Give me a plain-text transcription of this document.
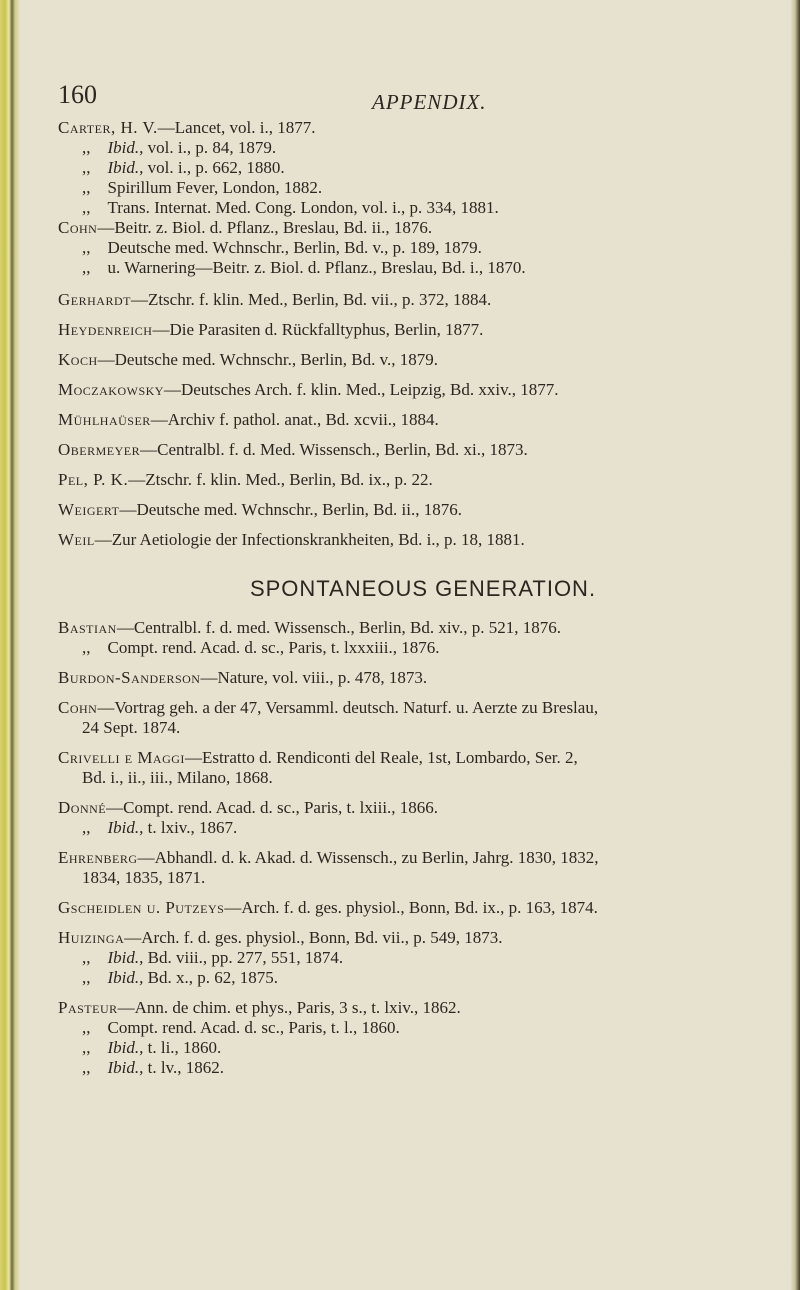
160	APPENDIX.
Carter, H. V.—Lancet, vol. i., 1877.
,,  Ibid., vol. i., p. 84, 1879.
,,  Ibid., vol. i., p. 662, 1880.
,,  Spirillum Fever, London, 1882.
,,  Trans. Internat. Med. Cong. London, vol. i., p. 334, 1881.
Cohn—Beitr. z. Biol. d. Pflanz., Breslau, Bd. ii., 1876.
,,  Deutsche med. Wchnschr., Berlin, Bd. v., p. 189, 1879.
,,  u. Warnering—Beitr. z. Biol. d. Pflanz., Breslau, Bd. i., 1870.
Gerhardt—Ztschr. f. klin. Med., Berlin, Bd. vii., p. 372, 1884.
Heydenreich—Die Parasiten d. Rückfalltyphus, Berlin, 1877.
Koch—Deutsche med. Wchnschr., Berlin, Bd. v., 1879.
Moczakowsky—Deutsches Arch. f. klin. Med., Leipzig, Bd. xxiv., 1877.
Mühlhaüser—Archiv f. pathol. anat., Bd. xcvii., 1884.
Obermeyer—Centralbl. f. d. Med. Wissensch., Berlin, Bd. xi., 1873.
Pel, P. K.—Ztschr. f. klin. Med., Berlin, Bd. ix., p. 22.
Weigert—Deutsche med. Wchnschr., Berlin, Bd. ii., 1876.
Weil—Zur Aetiologie der Infectionskrankheiten, Bd. i., p. 18, 1881.
SPONTANEOUS GENERATION.
Bastian—Centralbl. f. d. med. Wissensch., Berlin, Bd. xiv., p. 521, 1876.
,,  Compt. rend. Acad. d. sc., Paris, t. lxxxiii., 1876.
Burdon-Sanderson—Nature, vol. viii., p. 478, 1873.
Cohn—Vortrag geh. a der 47, Versamml. deutsch. Naturf. u. Aerzte zu Breslau,
24 Sept. 1874.
Crivelli e Maggi—Estratto d. Rendiconti del Reale, 1st, Lombardo, Ser. 2,
Bd. i., ii., iii., Milano, 1868.
Donné—Compt. rend. Acad. d. sc., Paris, t. lxiii., 1866.
,,  Ibid., t. lxiv., 1867.
Ehrenberg—Abhandl. d. k. Akad. d. Wissensch., zu Berlin, Jahrg. 1830, 1832,
1834, 1835, 1871.
Gscheidlen u. Putzeys—Arch. f. d. ges. physiol., Bonn, Bd. ix., p. 163, 1874.
Huizinga—Arch. f. d. ges. physiol., Bonn, Bd. vii., p. 549, 1873.
,,  Ibid., Bd. viii., pp. 277, 551, 1874.
,,  Ibid., Bd. x., p. 62, 1875.
Pasteur—Ann. de chim. et phys., Paris, 3 s., t. lxiv., 1862.
,,  Compt. rend. Acad. d. sc., Paris, t. l., 1860.
,,  Ibid., t. li., 1860.
,,  Ibid., t. lv., 1862.
